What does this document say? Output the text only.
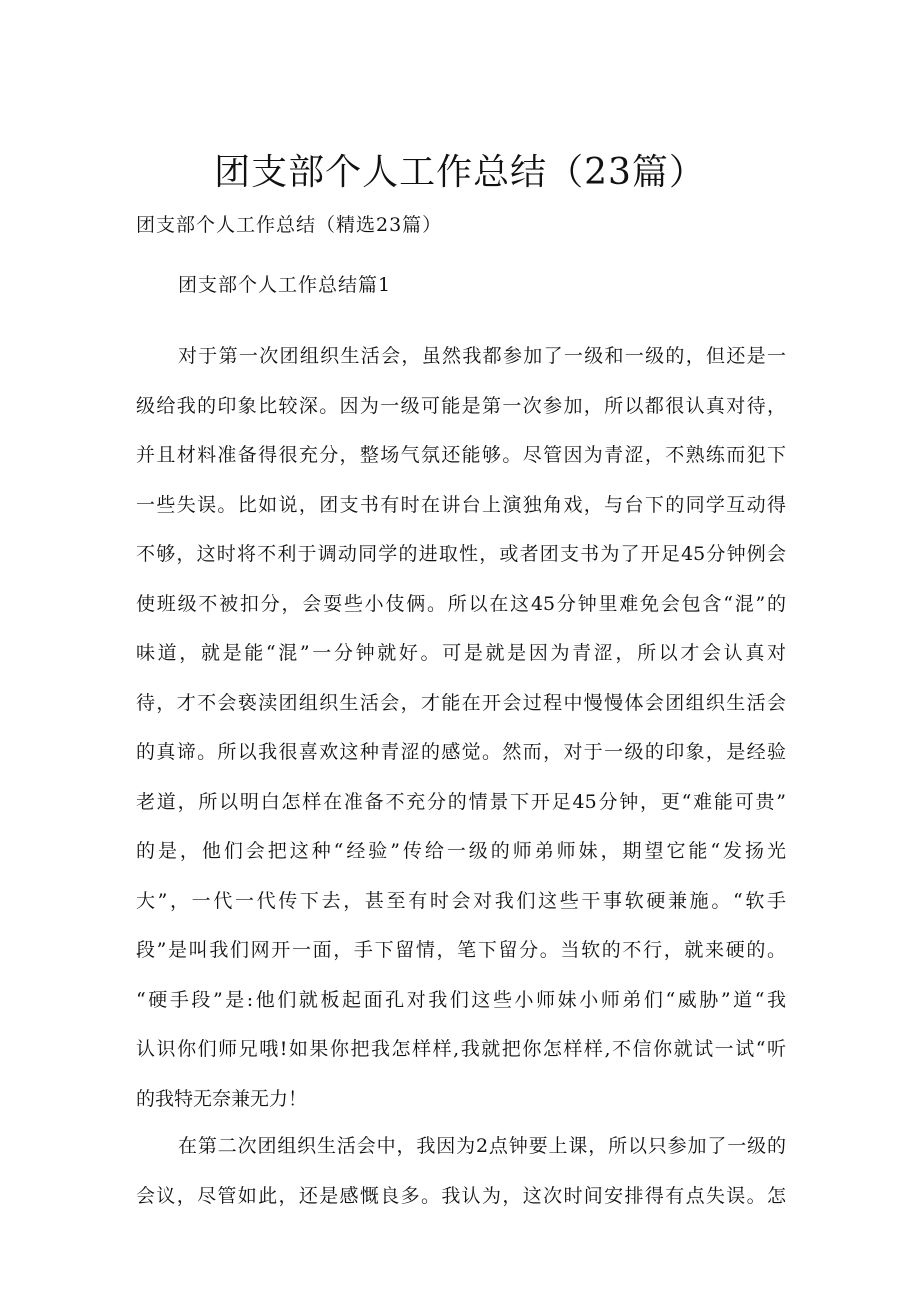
团支部个人工作总结（23篇）

团支部个人工作总结（精选23篇）

团支部个人工作总结篇1

对于第一次团组织生活会，虽然我都参加了一级和一级的，但还是一
级给我的印象比较深。因为一级可能是第一次参加，所以都很认真对待，
并且材料准备得很充分，整场气氛还能够。尽管因为青涩，不熟练而犯下
一些失误。比如说，团支书有时在讲台上演独角戏，与台下的同学互动得
不够，这时将不利于调动同学的进取性，或者团支书为了开足45分钟例会
使班级不被扣分，会耍些小伎俩。所以在这45分钟里难免会包含“混”的
味道，就是能“混”一分钟就好。可是就是因为青涩，所以才会认真对
待，才不会亵渎团组织生活会，才能在开会过程中慢慢体会团组织生活会
的真谛。所以我很喜欢这种青涩的感觉。然而，对于一级的印象，是经验
老道，所以明白怎样在准备不充分的情景下开足45分钟，更“难能可贵”
的是，他们会把这种“经验”传给一级的师弟师妹，期望它能“发扬光
大”，一代一代传下去，甚至有时会对我们这些干事软硬兼施。“软手
段”是叫我们网开一面，手下留情，笔下留分。当软的不行，就来硬的。
“硬手段”是:他们就板起面孔对我们这些小师妹小师弟们“威胁”道“我
认识你们师兄哦!如果你把我怎样样,我就把你怎样样,不信你就试一试“听
的我特无奈兼无力！
在第二次团组织生活会中，我因为2点钟要上课，所以只参加了一级的
会议，尽管如此，还是感慨良多。我认为，这次时间安排得有点失误。怎
